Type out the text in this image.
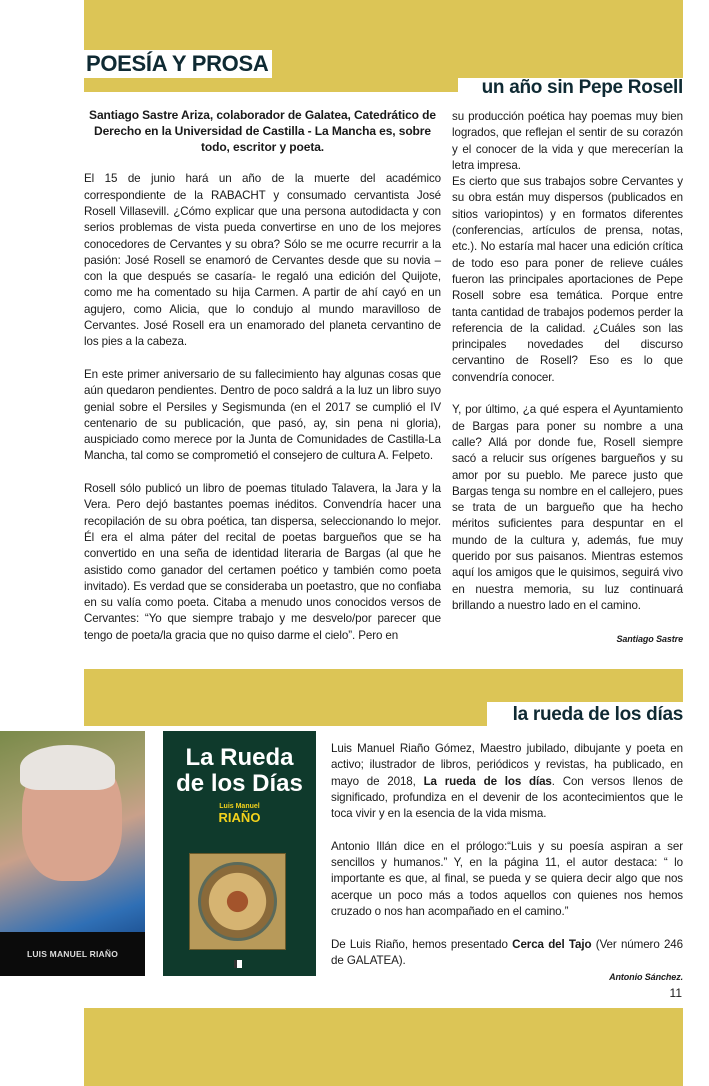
POESÍA Y PROSA
un año sin Pepe Rosell
Santiago Sastre Ariza, colaborador de Galatea, Catedrático de Derecho en la Universidad de Castilla - La Mancha es, sobre todo, escritor y poeta.

El 15 de junio hará un año de la muerte del académico correspondiente de la RABACHT y consumado cervantista José Rosell Villasevill. ¿Cómo explicar que una persona autodidacta y con serios problemas de vista pueda convertirse en uno de los mejores conocedores de Cervantes y su obra? Sólo se me ocurre recurrir a la pasión: José Rosell se enamoró de Cervantes desde que su novia –con la que después se casaría- le regaló una edición del Quijote, como me ha comentado su hija Carmen. A partir de ahí cayó en un agujero, como Alicia, que lo condujo al mundo maravilloso de Cervantes. José Rosell era un enamorado del planeta cervantino de los pies a la cabeza.

En este primer aniversario de su fallecimiento hay algunas cosas que aún quedaron pendientes. Dentro de poco saldrá a la luz un libro suyo genial sobre el Persiles y Segismunda (en el 2017 se cumplió el IV centenario de su publicación, que pasó, ay, sin pena ni gloria), auspiciado como merece por la Junta de Comunidades de Castilla-La Mancha, tal como se comprometió el consejero de cultura A. Felpeto.

Rosell sólo publicó un libro de poemas titulado Talavera, la Jara y la Vera. Pero dejó bastantes poemas inéditos. Convendría hacer una recopilación de su obra poética, tan dispersa, seleccionando lo mejor. Él era el alma páter del recital de poetas bargueños que se ha convertido en una seña de identidad literaria de Bargas (al que he asistido como ganador del certamen poético y también como poeta invitado). Es verdad que se consideraba un poetastro, que no confiaba en su valía como poeta. Citaba a menudo unos conocidos versos de Cervantes: “Yo que siempre trabajo y me desvelo/por parecer que tengo de poeta/la gracia que no quiso darme el cielo”. Pero en

su producción poética hay poemas muy bien logrados, que reflejan el sentir de su corazón y el conocer de la vida y que merecerían la letra impresa.

Es cierto que sus trabajos sobre Cervantes y su obra están muy dispersos (publicados en sitios variopintos) y en formatos diferentes (conferencias, artículos de prensa, notas, etc.). No estaría mal hacer una edición crítica de todo eso para poner de relieve cuáles fueron las principales aportaciones de Pepe Rosell sobre esa temática. Porque entre tanta cantidad de trabajos podemos perder la referencia de la calidad. ¿Cuáles son las principales novedades del discurso cervantino de Rosell? Eso es lo que convendría conocer.

Y, por último, ¿a qué espera el Ayuntamiento de Bargas para poner su nombre a una calle? Allá por donde fue, Rosell siempre sacó a relucir sus orígenes bargueños y su amor por su pueblo. Me parece justo que Bargas tenga su nombre en el callejero, pues se trata de un bargueño que ha hecho méritos suficientes para despuntar en el mundo de la cultura y, además, fue muy querido por sus paisanos. Mientras estemos aquí los amigos que le quisimos, seguirá vivo en nuestra memoria, su luz continuará brillando a nuestro lado en el camino.

Santiago Sastre
la rueda de los días
LUIS MANUEL RIAÑO
La Rueda
de los Días
Luis Manuel
RIAÑO

Luis Manuel Riaño Gómez, Maestro jubilado, dibujante y poeta en activo; ilustrador de libros, periódicos y revistas, ha publicado, en mayo de 2018, La rueda de los días. Con versos llenos de significado, profundiza en el devenir de los acontecimientos que le toca vivir y en la esencia de la vida misma.

Antonio Illán dice en el prólogo:“Luis y su poesía aspiran a ser sencillos y humanos.” Y, en la página 11, el autor destaca: “ lo importante es que, al final, se pueda y se quiera decir algo que nos acerque un poco más a todos aquellos con quienes nos hemos cruzado o nos han acompañado en el camino.”

De Luis Riaño, hemos presentado Cerca del Tajo (Ver número 246 de GALATEA).

Antonio Sánchez.
11
